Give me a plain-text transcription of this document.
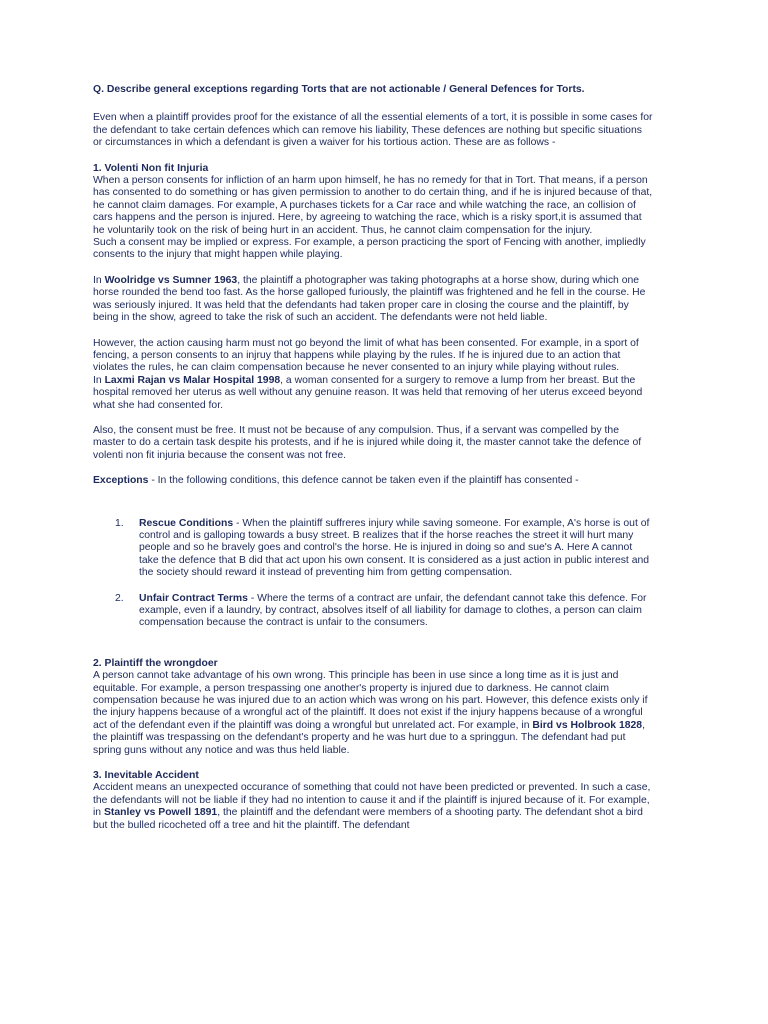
Q. Describe general exceptions regarding Torts that are not actionable / General Defences for Torts.

Even when a plaintiff provides proof for the existance of all the essential elements of a tort, it is possible in some cases for the defendant to take certain defences which can remove his liability, These defences are nothing but specific situations or circumstances in which a defendant is given a waiver for his tortious action. These are as follows -

1. Volenti Non fit Injuria

When a person consents for infliction of an harm upon himself, he has no remedy for that in Tort. That means, if a person has consented to do something or has given permission to another to do certain thing, and if he is injured because of that, he cannot claim damages. For example, A purchases tickets for a Car race and while watching the race, an collision of cars happens and the person is injured. Here, by agreeing to watching the race, which is a risky sport,it is assumed that he voluntarily took on the risk of being hurt in an accident. Thus, he cannot claim compensation for the injury.

Such a consent may be implied or express. For example, a person practicing the sport of Fencing with another, impliedly consents to the injury that might happen while playing.

In Woolridge vs Sumner 1963, the plaintiff a photographer was taking photographs at a horse show, during which one horse rounded the bend too fast. As the horse galloped furiously, the plaintiff was frightened and he fell in the course. He was seriously injured. It was held that the defendants had taken proper care in closing the course and the plaintiff, by being in the show, agreed to take the risk of such an accident. The defendants were not held liable.

However, the action causing harm must not go beyond the limit of what has been consented. For example, in a sport of fencing, a person consents to an injruy that happens while playing by the rules. If he is injured due to an action that violates the rules, he can claim compensation because he never consented to an injury while playing without rules.

In Laxmi Rajan vs Malar Hospital 1998, a woman consented for a surgery to remove a lump from her breast. But the hospital removed her uterus as well without any genuine reason. It was held that removing of her uterus exceed beyond what she had consented for.

Also, the consent must be free. It must not be because of any compulsion. Thus, if a servant was compelled by the master to do a certain task despite his protests, and if he is injured while doing it, the master cannot take the defence of volenti non fit injuria because the consent was not free.

Exceptions - In the following conditions, this defence cannot be taken even if the plaintiff has consented -

1. Rescue Conditions - When the plaintiff suffreres injury while saving someone. For example, A's horse is out of control and is galloping towards a busy street. B realizes that if the horse reaches the street it will hurt many people and so he bravely goes and control's the horse. He is injured in doing so and sue's A. Here A cannot take the defence that B did that act upon his own consent. It is considered as a just action in public interest and the society should reward it instead of preventing him from getting compensation.
2. Unfair Contract Terms - Where the terms of a contract are unfair, the defendant cannot take this defence. For example, even if a laundry, by contract, absolves itself of all liability for damage to clothes, a person can claim compensation because the contract is unfair to the consumers.

2. Plaintiff the wrongdoer

A person cannot take advantage of his own wrong. This principle has been in use since a long time as it is just and equitable. For example, a person trespassing one another's property is injured due to darkness. He cannot claim compensation because he was injured due to an action which was wrong on his part. However, this defence exists only if the injury happens because of a wrongful act of the plaintiff. It does not exist if the injury happens because of a wrongful act of the defendant even if the plaintiff was doing a wrongful but unrelated act. For example, in Bird vs Holbrook 1828, the plaintiff was trespassing on the defendant's property and he was hurt due to a springgun. The defendant had put spring guns without any notice and was thus held liable.

3. Inevitable Accident

Accident means an unexpected occurance of something that could not have been predicted or prevented. In such a case, the defendants will not be liable if they had no intention to cause it and if the plaintiff is injured because of it. For example, in Stanley vs Powell 1891, the plaintiff and the defendant were members of a shooting party. The defendant shot a bird but the bulled ricocheted off a tree and hit the plaintiff. The defendant
